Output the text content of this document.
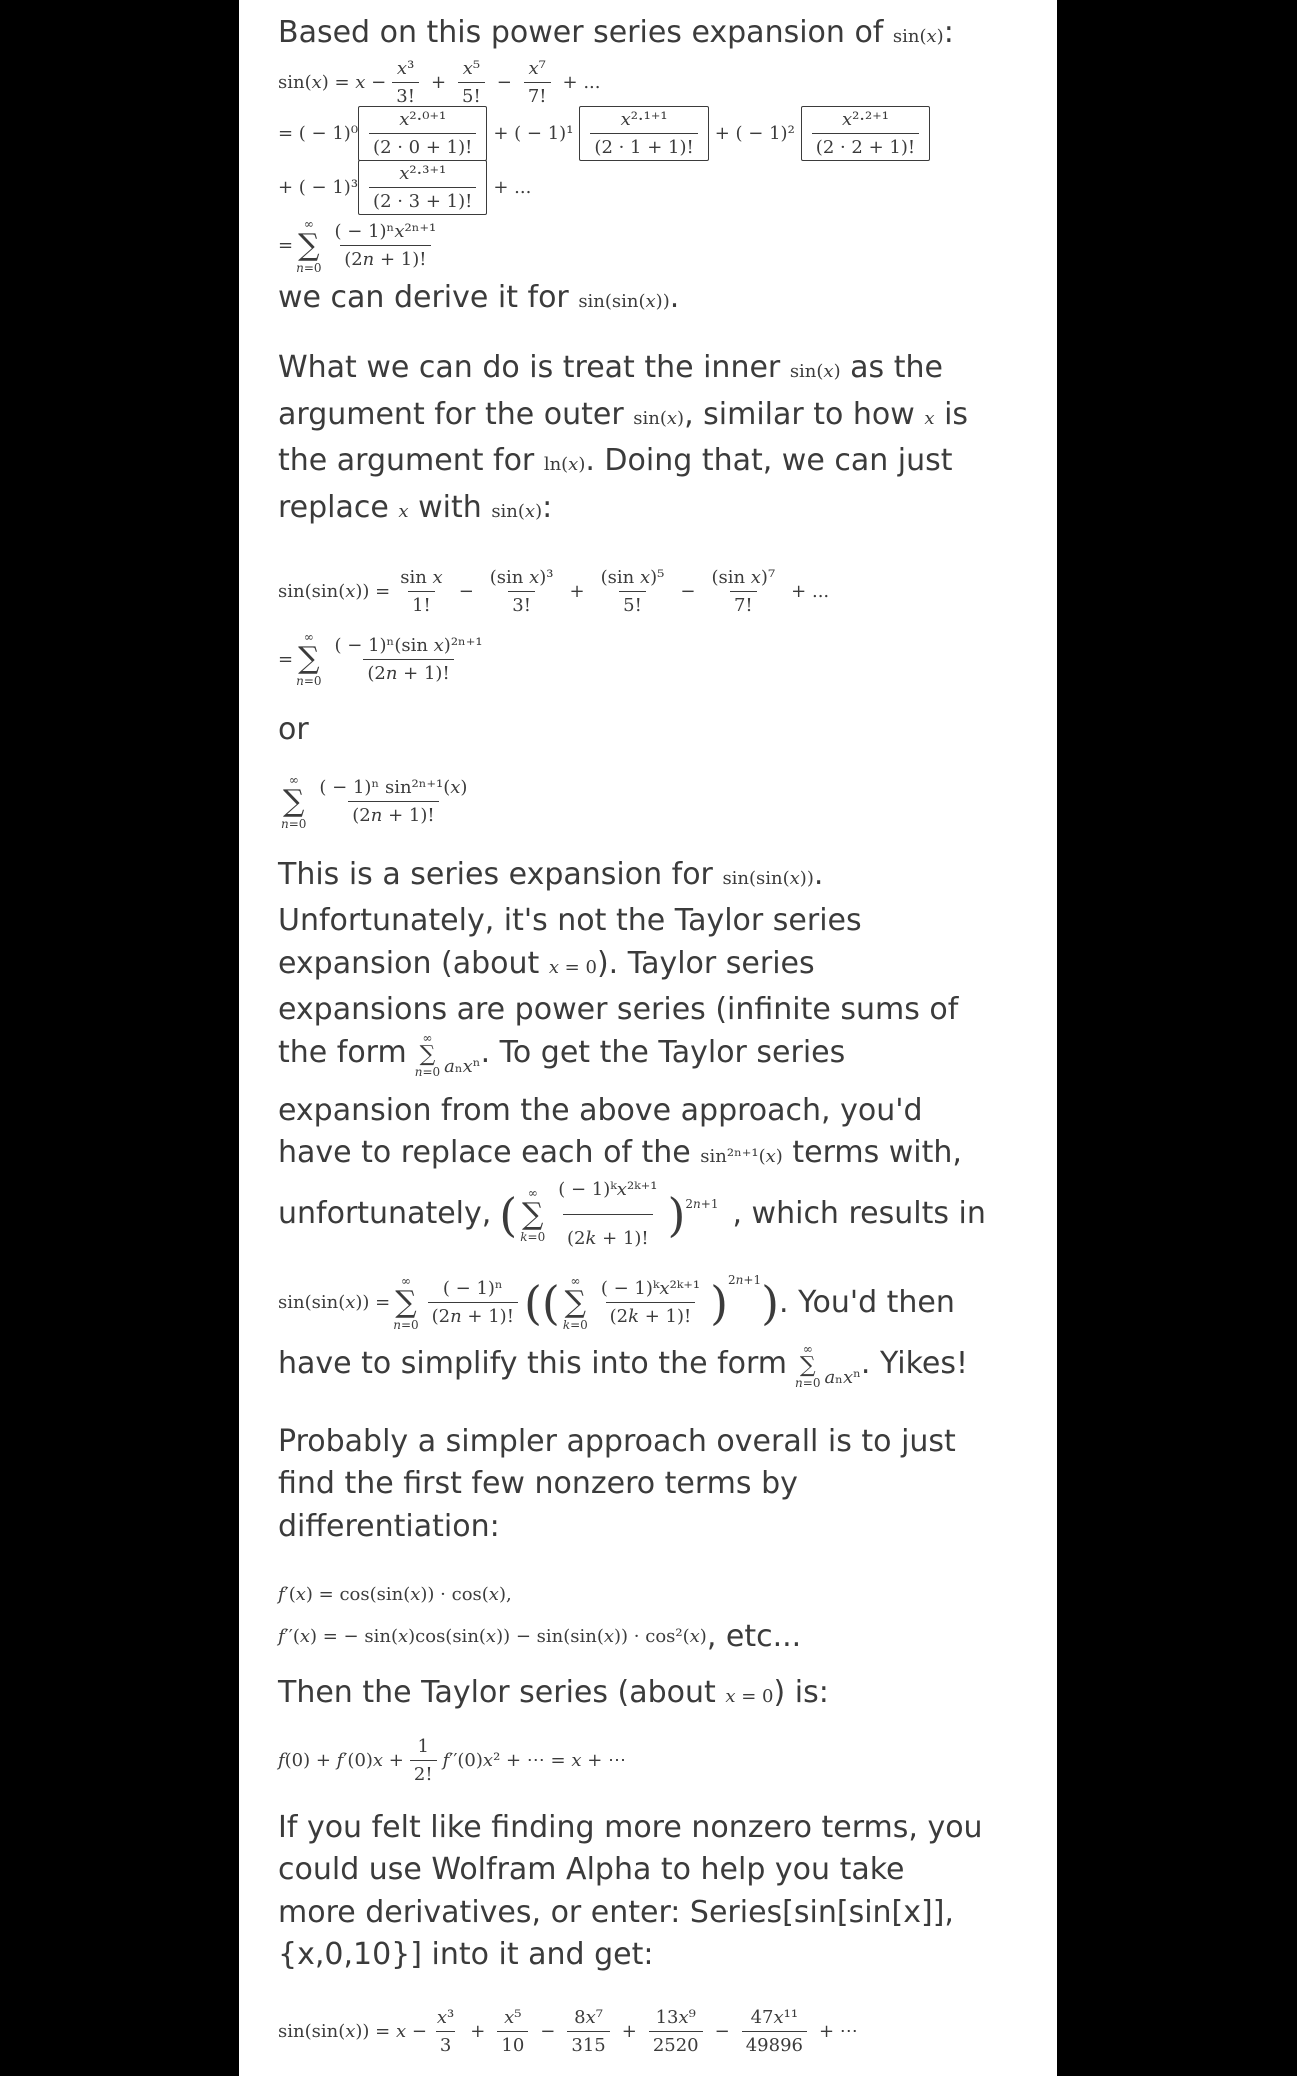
Based on this power series expansion of sin(𝑥):

sin(𝑥) = 𝑥 − $\frac{\text{𝑥³}}{3!} + \frac{\text{𝑥⁵}}{5!} - \frac{\text{𝑥⁷}}{7!}$ + ...
= ( − $1)^0 \frac{\text{𝑥²·⁰⁺¹}}{(2 \cdot 0 + 1)!}$ + ( − $1)^1 \frac{\text{𝑥²·¹⁺¹}}{(2 \cdot 1 + 1)!}$ + ( − $1)^2 \frac{\text{𝑥²·²⁺¹}}{(2 \cdot 2 + 1)!}$
+ ( − $1)^3 \frac{\text{𝑥²·³⁺¹}}{(2 \cdot 3 + 1)!}$ + ...
=
∞
∑
𝑛=0 $\frac{\text{( − 1)ⁿ𝑥²ⁿ⁺¹}}{\text{(2𝑛 + 1)!}}$

we can derive it for sin(sin(𝑥)).

What we can do is treat the inner sin(𝑥) as the argument for the outer sin(𝑥), similar to how 𝑥 is the argument for ln(𝑥). Doing that, we can just replace 𝑥 with sin(𝑥):

sin(sin(𝑥)) = $\frac{\text{sin 𝑥}}{1!} - \frac{\text{(sin 𝑥)³}}{3!} + \frac{\text{(sin 𝑥)⁵}}{5!} - \frac{\text{(sin 𝑥)⁷}}{7!}$ + ...
=
∞
∑
𝑛=0 $\frac{\text{( − 1)ⁿ(sin 𝑥)²ⁿ⁺¹}}{\text{(2𝑛 + 1)!}}$

or

∞
∑
𝑛=0 $\frac{\text{( − 1)ⁿ sin²ⁿ⁺¹(𝑥)}}{\text{(2𝑛 + 1)!}}$
This is a series expansion for sin(sin(𝑥)).
Unfortunately, it's not the Taylor series
expansion (about 𝑥 = 0). Taylor series
expansions are power series (infinite sums of
the form ∞
∑
𝑛=0 𝑎ₙ𝑥ⁿ . To get the Taylor series
expansion from the above approach, you'd
have to replace each of the sin²ⁿ⁺¹(𝑥) terms with,
unfortunately, ( ∞
∑
𝑘=0 $\frac{\text{( − 1)ᵏ𝑥²ᵏ⁺¹}}{\text{(2𝑘 + 1)!}}$ ) 2𝑛+1 , which results in
sin(sin(𝑥)) =
∞
∑
𝑛=0 $\frac{\text{( − 1)ⁿ}}{\text{(2𝑛 + 1)!}}$ (( ∞
∑
𝑘=0 $\frac{\text{( − 1)ᵏ𝑥²ᵏ⁺¹}}{\text{(2𝑘 + 1)!}}$ ) 2𝑛+1 ) . You'd then
have to simplify this into the form ∞
∑
𝑛=0 𝑎ₙ𝑥ⁿ . Yikes!
Probably a simpler approach overall is to just
find the first few nonzero terms by
differentiation:
𝑓′(𝑥) = cos(sin(𝑥)) · cos(𝑥),
𝑓′′(𝑥) = − sin(𝑥)cos(sin(𝑥)) − sin(sin(𝑥)) · cos²(𝑥) , etc...

Then the Taylor series (about 𝑥 = 0) is:

𝑓(0) + 𝑓′(0)𝑥 + $\frac{1}{2!}$ 𝑓′′(0)𝑥² + ⋯ = 𝑥 + ⋯
If you felt like finding more nonzero terms, you
could use Wolfram Alpha to help you take
more derivatives, or enter: Series[sin[sin[x]],
{x,0,10}] into it and get:
sin(sin(𝑥)) = 𝑥 − $\frac{\text{𝑥³}}{3} + \frac{\text{𝑥⁵}}{10} - \frac{\text{8𝑥⁷}}{315} + \frac{\text{13𝑥⁹}}{2520} - \frac{\text{47𝑥¹¹}}{49896}$ + ⋯
